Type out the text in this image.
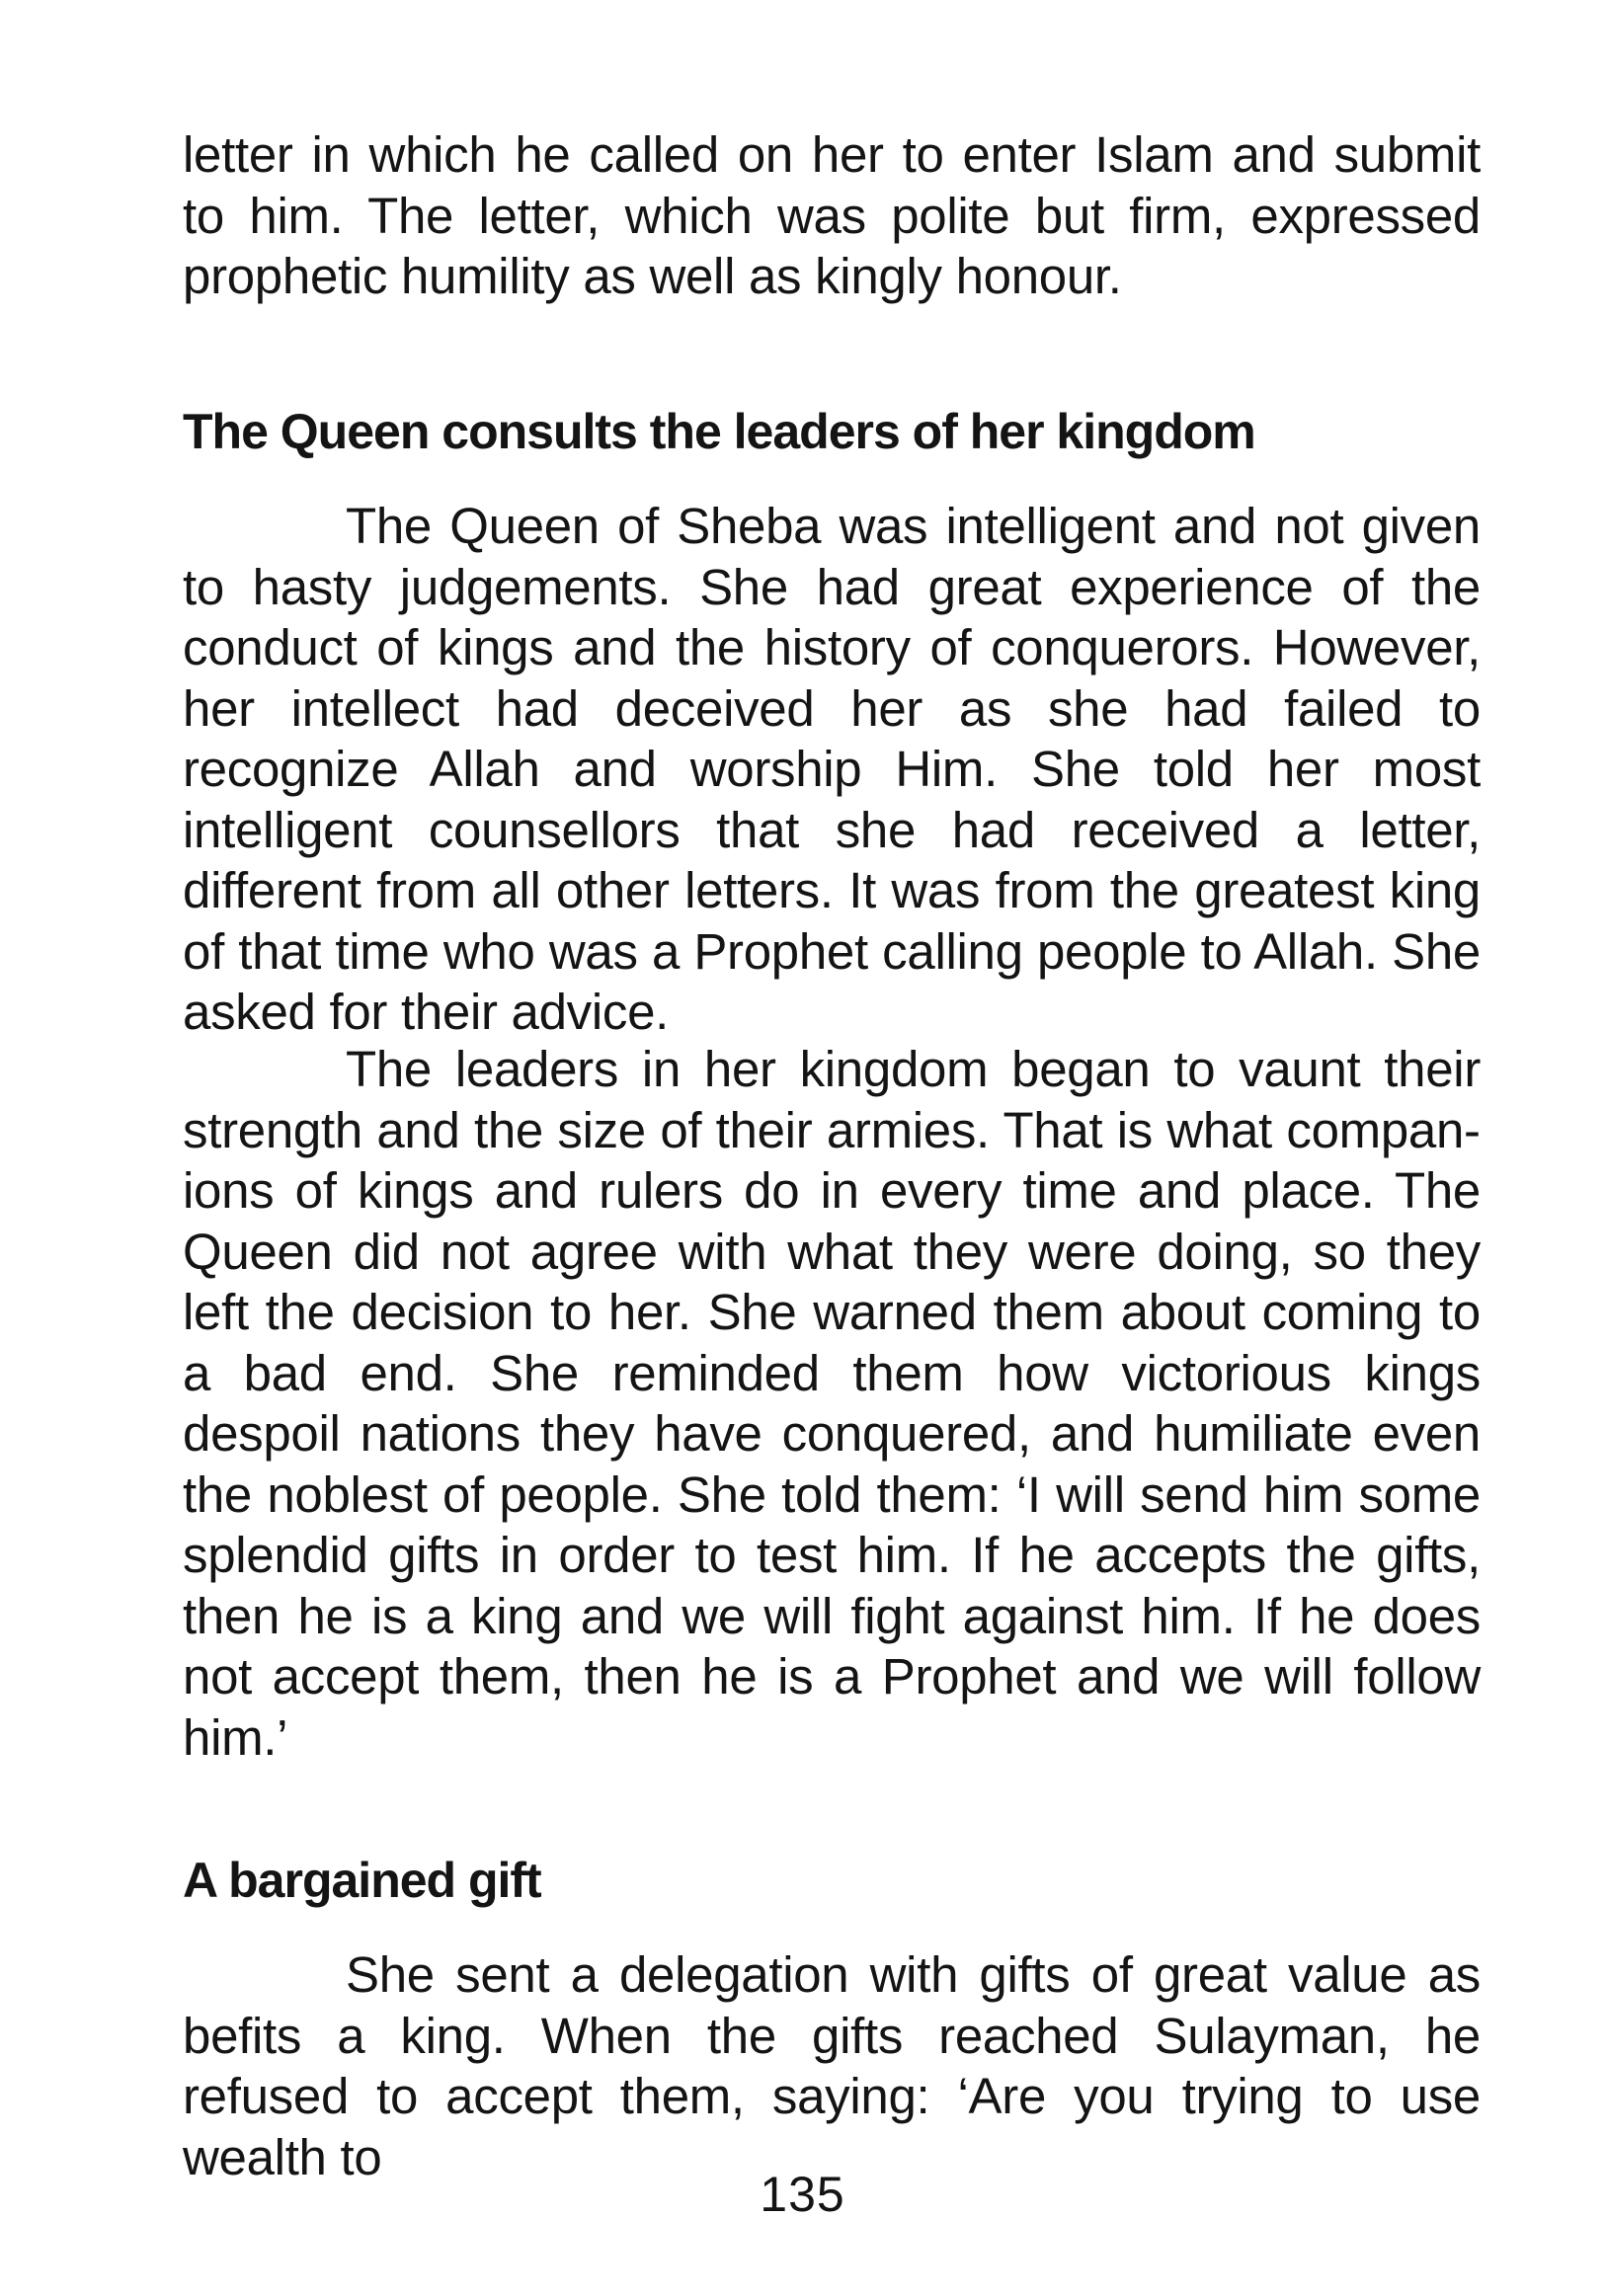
letter in which he called on her to enter Islam and submit to him. The letter, which was polite but firm, expressed prophetic humility as well as kingly honour.

The Queen consults the leaders of her kingdom

The Queen of Sheba was intelligent and not given to hasty judgements. She had great experience of the conduct of kings and the history of conquerors. However, her intellect had deceived her as she had failed to recognize Allah and worship Him. She told her most intelligent counsellors that she had received a letter, different from all other letters. It was from the greatest king of that time who was a Prophet calling people to Allah. She asked for their advice.

The leaders in her kingdom began to vaunt their strength and the size of their armies. That is what companions of kings and rulers do in every time and place. The Queen did not agree with what they were doing, so they left the decision to her. She warned them about coming to a bad end. She reminded them how victorious kings despoil nations they have conquered, and humiliate even the noblest of people. She told them: ‘I will send him some splendid gifts in order to test him. If he accepts the gifts, then he is a king and we will fight against him. If he does not accept them, then he is a Prophet and we will follow him.’

A bargained gift

She sent a delegation with gifts of great value as befits a king. When the gifts reached Sulayman, he refused to accept them, saying: ‘Are you trying to use wealth to

135
